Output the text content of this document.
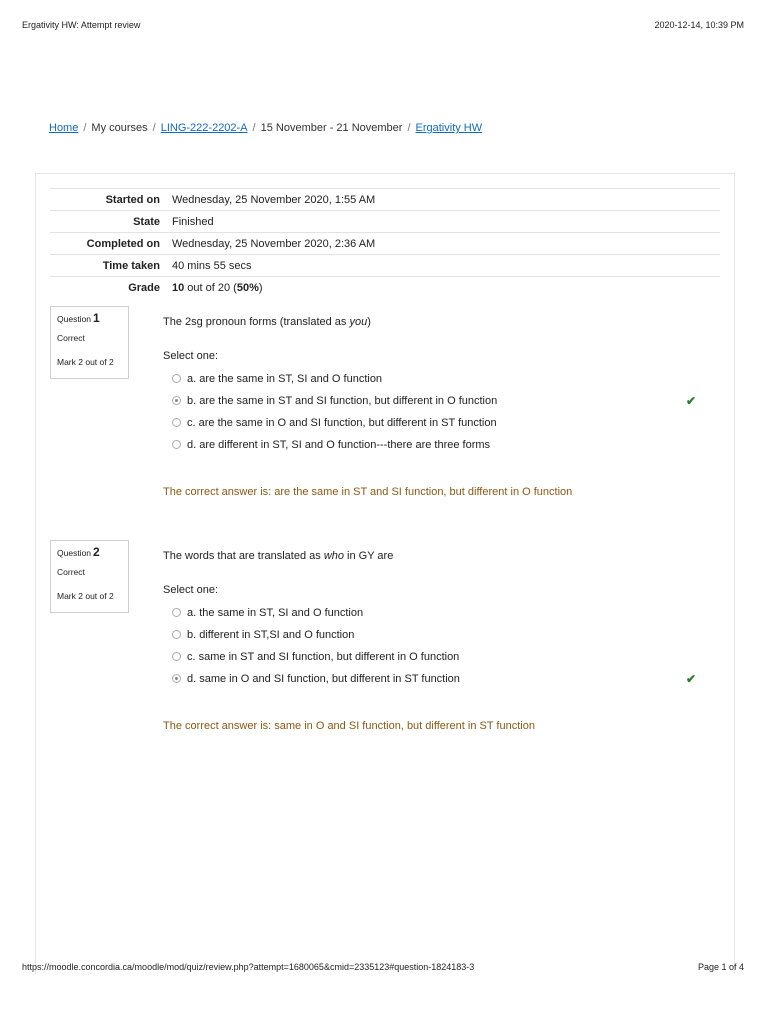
Ergativity HW: Attempt review	2020-12-14, 10:39 PM
Home / My courses / LING-222-2202-A / 15 November - 21 November / Ergativity HW
Started on	Wednesday, 25 November 2020, 1:55 AM
State	Finished
Completed on	Wednesday, 25 November 2020, 2:36 AM
Time taken	40 mins 55 secs
Grade	10 out of 20 (50%)
Question 1
Correct
Mark 2 out of 2

The 2sg pronoun forms (translated as you)

Select one:
a. are the same in ST, SI and O function
b. are the same in ST and SI function, but different in O function	✔
c. are the same in O and SI function, but different in ST function
d. are different in ST, SI and O function---there are three forms
The correct answer is: are the same in ST and SI function, but different in O function
Question 2
Correct
Mark 2 out of 2

The words that are translated as who in GY are

Select one:
a. the same in ST, SI and O function
b. different in ST,SI and O function
c. same in ST and SI function, but different in O function
d. same in O and SI function, but different in ST function	✔
The correct answer is: same in O and SI function, but different in ST function
https://moodle.concordia.ca/moodle/mod/quiz/review.php?attempt=1680065&cmid=2335123#question-1824183-3	Page 1 of 4
